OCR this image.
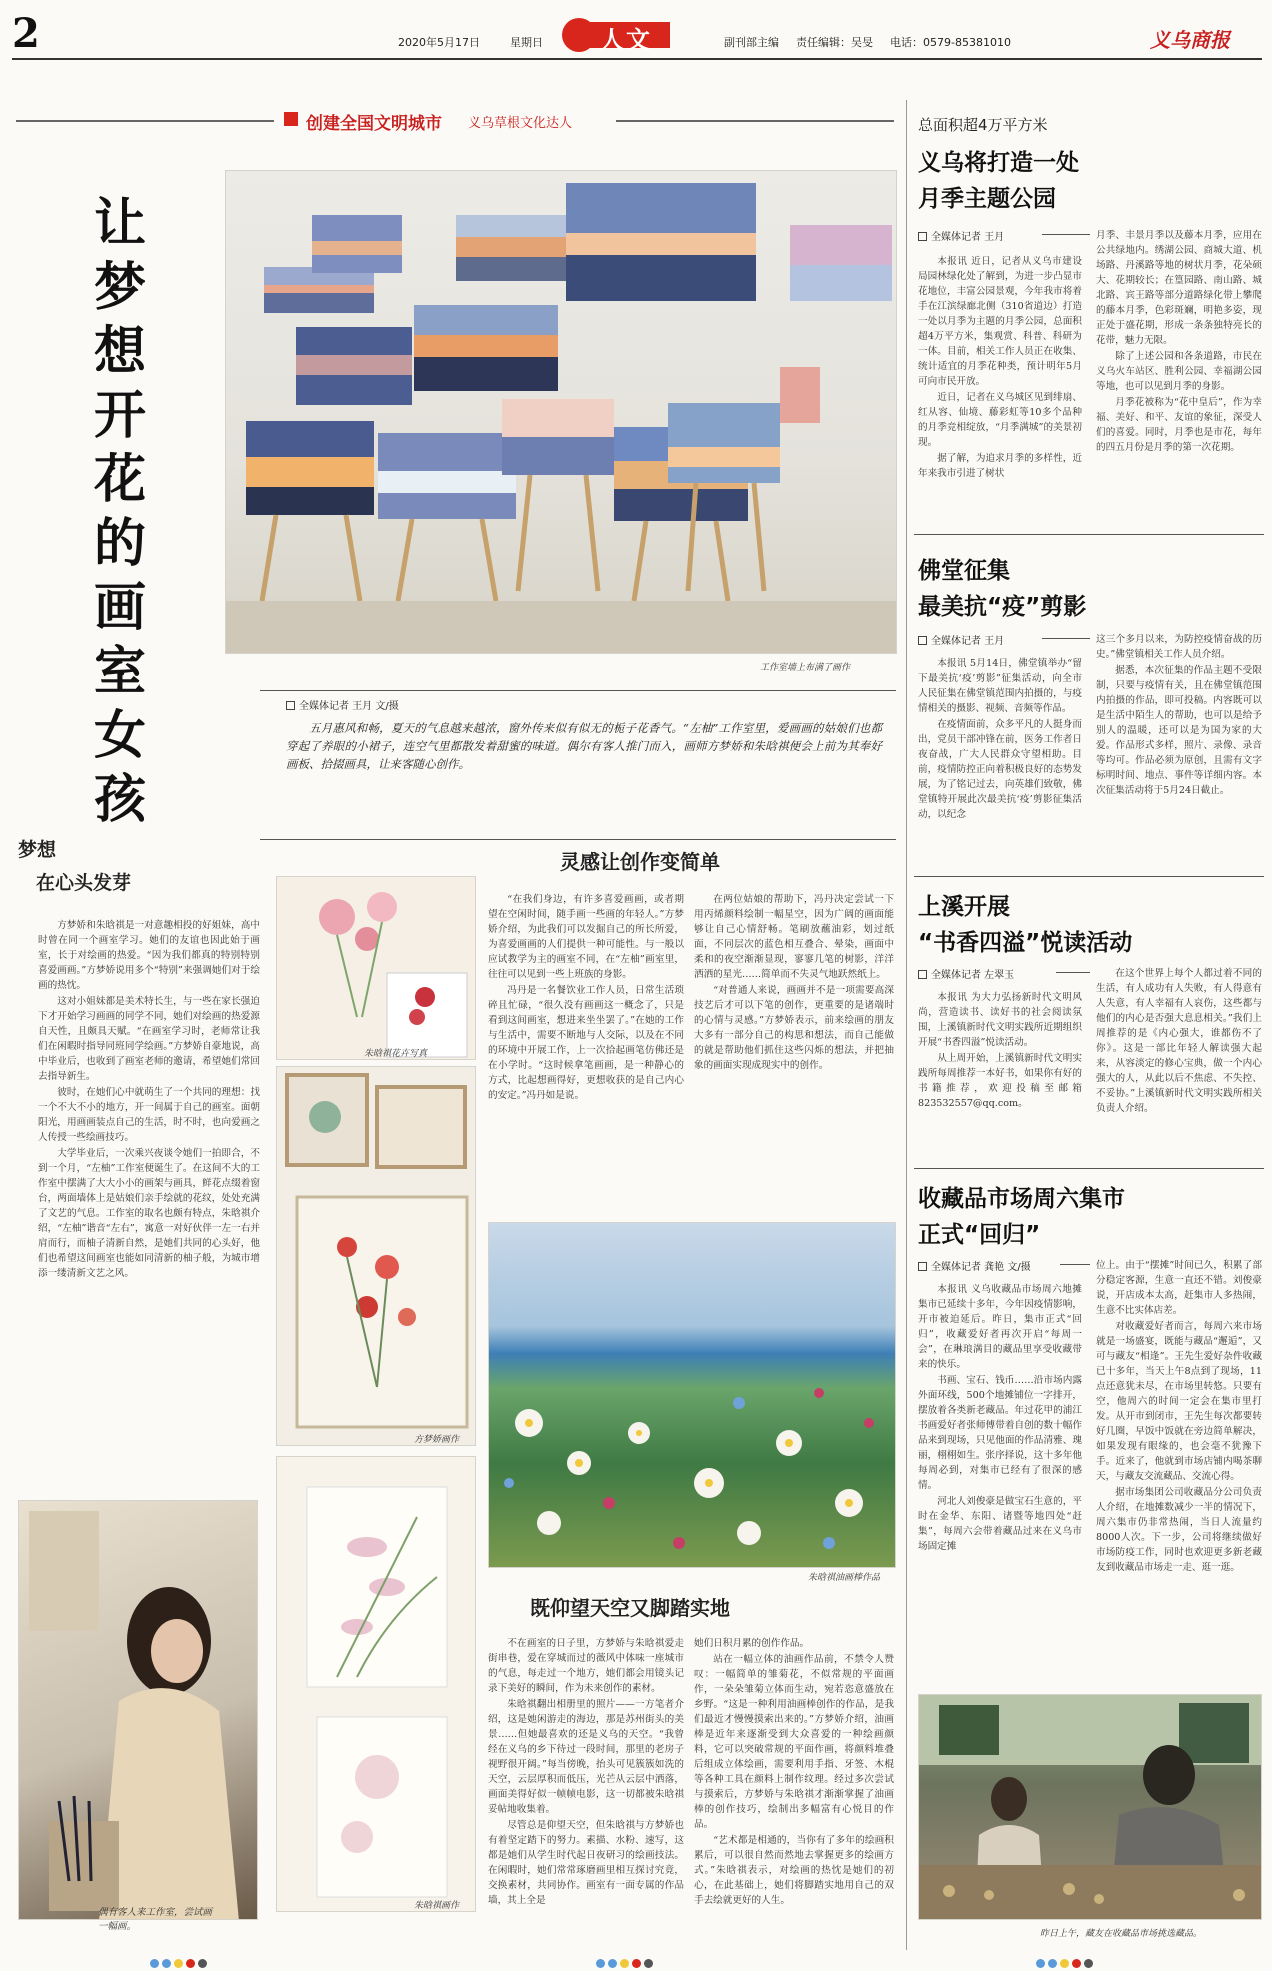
2	2020年5月17日	星期日 人文	副刊部主编 责任编辑：吴旻 电话：0579-85381010	义乌商报
创建全国文明城市 义乌草根文化达人
让梦想开花的画室女孩
工作室墙上布满了画作
全媒体记者 王月 文/摄
五月惠风和畅，夏天的气息越来越浓，窗外传来似有似无的栀子花香气。“左柚”工作室里，爱画画的姑娘们也都穿起了养眼的小裙子，连空气里都散发着甜蜜的味道。偶尔有客人推门而入，画师方梦娇和朱晗祺便会上前为其奉好画板、拾掇画具，让来客随心创作。
梦想
在心头发芽

方梦娇和朱晗祺是一对意趣相投的好姐妹，高中时曾在同一个画室学习。她们的友谊也因此始于画室，长于对绘画的热爱。“因为我们都真的特别特别喜爱画画。”方梦娇说用多个“特别”来强调她们对于绘画的热忱。

这对小姐妹都是美术特长生，与一些在家长强迫下才开始学习画画的同学不同，她们对绘画的热爱源自天性，且颇具天赋。“在画室学习时，老师常让我们在闲暇时指导同班同学绘画。”方梦娇自豪地说，高中毕业后，也收到了画室老师的邀请，希望她们常回去指导新生。

彼时，在她们心中就萌生了一个共同的理想：找一个不大不小的地方，开一间属于自己的画室。面朝阳光，用画画装点自己的生活，时不时，也向爱画之人传授一些绘画技巧。

大学毕业后，一次乘兴夜谈令她们一拍即合，不到一个月，“左柚”工作室便诞生了。在这间不大的工作室中摆满了大大小小的画架与画具，鲜花点缀着窗台，两面墙体上是姑娘们亲手绘就的花纹，处处充满了文艺的气息。工作室的取名也颇有特点，朱晗祺介绍，“左柚”谐音“左右”，寓意一对好伙伴一左一右并肩而行，而柚子清新自然，是她们共同的心头好，他们也希望这间画室也能如同清新的柚子般，为城市增添一缕清新文艺之风。

偶有客人来工作室，尝试画一幅画。
朱晗祺花卉写真
方梦娇画作
朱晗祺画作
灵感让创作变简单

“在我们身边，有许多喜爱画画，或者期望在空闲时间，随手画一些画的年轻人。”方梦娇介绍，为此我们可以发掘自己的所长所爱，为喜爱画画的人们提供一种可能性。与一般以应试教学为主的画室不同，在“左柚”画室里，往往可以见到一些上班族的身影。

冯丹是一名餐饮业工作人员，日常生活琐碎且忙碌，“很久没有画画这一概念了，只是看到这间画室，想进来坐坐罢了。”在她的工作与生活中，需要不断地与人交际，以及在不同的环境中开展工作，上一次拾起画笔仿佛还是在小学时。“这时候拿笔画画，是一种静心的方式，比起想画得好，更想收获的是自己内心的安定。”冯丹如是说。

在两位姑娘的帮助下，冯丹决定尝试一下用丙烯颜料绘制一幅星空，因为广阔的画面能够让自己心情舒畅。笔刷放蘸油彩，划过纸面，不同层次的蓝色相互叠合、晕染，画面中柔和的夜空渐渐显现，寥寥几笔的树影，洋洋洒洒的星光……简单而不失灵气地跃然纸上。

“对普通人来说，画画并不是一项需要高深技艺后才可以下笔的创作，更重要的是诸端时的心情与灵感。”方梦娇表示，前来绘画的朋友大多有一部分自己的构思和想法，而自己能做的就是帮助他们抓住这些闪烁的想法，并把抽象的画面实现成现实中的创作。

朱晗祺油画棒作品
既仰望天空又脚踏实地

不在画室的日子里，方梦娇与朱晗祺爱走街串巷，爱在穿城而过的薇风中体味一座城市的气息，每走过一个地方，她们都会用镜头记录下美好的瞬间，作为未来创作的素材。

朱晗祺翻出相册里的照片——一方笔者介绍，这是她闲游走的海边，那是苏州街头的美景……但她最喜欢的还是义乌的天空。“我曾经在义乌的乡下待过一段时间，那里的老房子视野很开阔。”每当傍晚，抬头可见簇簇如洗的天空，云层厚积而低压，光芒从云层中洒落，画面美得好似一帧帧电影，这一切都被朱晗祺妥帖地收集着。

尽管总是仰望天空，但朱晗祺与方梦娇也有着坚定踏下的努力。素描、水粉、速写，这都是她们从学生时代起日夜研习的绘画技法。在闲暇时，她们常常琢磨画里相互探讨究竟，交换素材，共同协作。画室有一面专属的作品墙，其上全是

她们日积月累的创作作品。

站在一幅立体的油画作品前，不禁令人赞叹：一幅简单的雏菊花，不似常规的平面画作，一朵朵雏菊立体而生动，宛若恣意盛放在乡野。“这是一种利用油画棒创作的作品，是我们最近才慢慢摸索出来的。”方梦娇介绍，油画棒是近年来逐渐受到大众喜爱的一种绘画颜料，它可以突破常规的平面作画，将颜料堆叠后组成立体绘画，需要利用手指、牙签、木棍等各种工具在颜料上制作纹理。经过多次尝试与摸索后，方梦娇与朱晗祺才渐渐掌握了油画棒的创作技巧，绘制出多幅富有心悦目的作品。

“艺术都是相通的，当你有了多年的绘画积累后，可以很自然而然地去掌握更多的绘画方式。”朱晗祺表示，对绘画的热忱是她们的初心，在此基础上，她们将脚踏实地用自己的双手去绘就更好的人生。

总面积超4万平方米
义乌将打造一处
月季主题公园
全媒体记者 王月

本报讯 近日，记者从义乌市建设局园林绿化处了解到，为进一步凸显市花地位，丰富公园景观，今年我市将着手在江滨绿廊北侧（310省道边）打造一处以月季为主题的月季公园，总面积超4万平方米，集观赏、科普、科研为一体。目前，相关工作人员正在收集、统计适宜的月季花种类，预计明年5月可向市民开放。

近日，记者在义乌城区见到绯扇、红从容、仙境、藤彩虹等10多个品种的月季竞相绽放，“月季满城”的美景初现。

据了解，为追求月季的多样性，近年来我市引进了树状

月季、丰景月季以及藤本月季，应用在公共绿地内。绣湖公园、商城大道、机场路、丹溪路等地的树状月季，花朵硕大、花期较长；在篁园路、南山路、城北路、宾王路等部分道路绿化带上攀爬的藤本月季，色彩斑斓，明艳多姿，现正处于盛花期，形成一条条独特亮长的花带，魅力无限。

除了上述公园和各条道路，市民在义乌火车站区、胜利公园、幸福湖公园等地，也可以见到月季的身影。

月季花被称为“花中皇后”，作为幸福、美好、和平、友谊的象征，深受人们的喜爱。同时，月季也是市花，每年的四五月份是月季的第一次花期。

佛堂征集
最美抗“疫”剪影
全媒体记者 王月

本报讯 5月14日，佛堂镇举办“留下最美抗‘疫’剪影”征集活动，向全市人民征集在佛堂镇范围内拍摄的，与疫情相关的摄影、视频、音频等作品。

在疫情面前，众多平凡的人挺身而出，党员干部冲锋在前，医务工作者日夜奋战，广大人民群众守望相助。目前，疫情防控正向着积极良好的态势发展，为了铭记过去，向英雄们致敬，佛堂镇特开展此次最美抗‘疫’剪影征集活动，以纪念

这三个多月以来，为防控疫情奋战的历史。”佛堂镇相关工作人员介绍。

据悉，本次征集的作品主题不受限制，只要与疫情有关，且在佛堂镇范围内拍摄的作品，即可投稿。内容既可以是生活中陌生人的帮助，也可以是给予别人的温暖，还可以是为国为家的大爱。作品形式多样，照片、录像、录音等均可。作品必须为原创，且需有文字标明时间、地点、事件等详细内容。本次征集活动将于5月24日截止。

上溪开展
“书香四溢”悦读活动
全媒体记者 左翠玉

本报讯 为大力弘扬新时代文明风尚，营造读书、读好书的社会阅读氛围，上溪镇新时代文明实践所近期组织开展“书香四溢”悦读活动。

从上周开始，上溪镇新时代文明实践所每周推荐一本好书，如果你有好的书籍推荐，欢迎投稿至邮箱823532557@qq.com。

在这个世界上每个人都过着不同的生活，有人成功有人失败，有人得意有人失意，有人幸福有人哀伤，这些都与他们的内心是否强大息息相关。”我们上周推荐的是《内心强大，谁都伤不了你》。这是一部比年轻人解读强大起来，从容淡定的修心宝典，做一个内心强大的人，从此以后不焦虑、不失控、不妥协。”上溪镇新时代文明实践所相关负责人介绍。

收藏品市场周六集市
正式“回归”
全媒体记者 龚艳 文/摄

本报讯 义乌收藏品市场周六地摊集市已延续十多年，今年因疫情影响，开市被迫延后。昨日，集市正式“回归”，收藏爱好者再次开启“每周一会”，在琳琅满目的藏品里享受收藏带来的快乐。

书画、宝石、钱币……沿市场内露外面环线，500个地摊铺位一字排开，摆放着各类新老藏品。年过花甲的浦江书画爱好者张师傅带着自创的数十幅作品来到现场，只见他面的作品清雅、瑰丽，栩栩如生。张序择说，这十多年他每周必到，对集市已经有了很深的感情。

河北人刘俊豪是做宝石生意的，平时在金华、东阳、诸暨等地四处“赶集”，每周六会带着藏品过来在义乌市场固定摊

位上。由于“摆摊”时间已久，积累了部分稳定客源，生意一直还不错。刘俊豪说，开店成本太高，赶集市人多热闹，生意不比实体店差。

对收藏爱好者而言，每周六来市场就是一场盛宴，既能与藏品“邂逅”，又可与藏友“相逢”。王先生爱好杂件收藏已十多年，当天上午8点到了现场，11点还意犹未尽，在市场里转悠。只要有空，他周六的时间一定会在集市里打发。从开市到闭市，王先生每次都要转好几圈，早饭中饭就在旁边简单解决，如果发现有眼缘的，也会毫不犹豫下手。近来了，他就到市场店铺内喝茶聊天，与藏友交流藏品、交流心得。

据市场集团公司收藏品分公司负责人介绍，在地摊数减少一半的情况下，周六集市仍非常热闹，当日人流量约8000人次。下一步，公司将继续做好市场防疫工作，同时也欢迎更多新老藏友到收藏品市场走一走、逛一逛。

昨日上午，藏友在收藏品市场挑选藏品。
